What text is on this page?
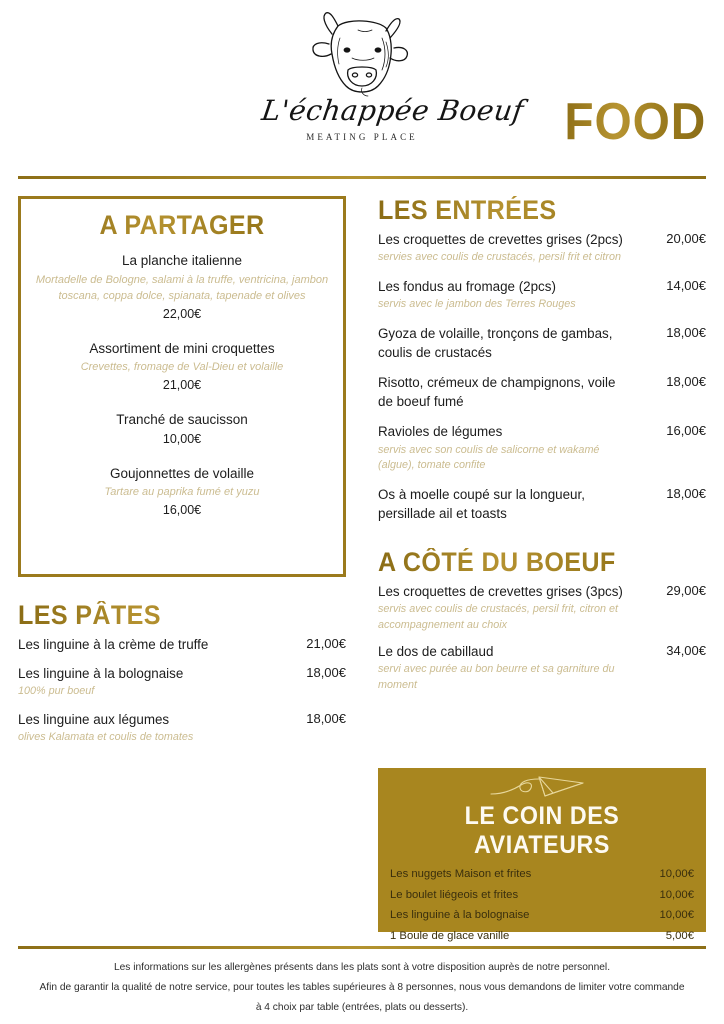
L'échappée Boeuf
MEATING PLACE	FOOD
A PARTAGER
La planche italienne
Mortadelle de Bologne, salami à la truffe, ventricina, jambon toscana, coppa dolce, spianata, tapenade et olives
22,00€
Assortiment de mini croquettes
Crevettes, fromage de Val-Dieu et volaille
21,00€
Tranché de saucisson
10,00€
Goujonnettes de volaille
Tartare au paprika fumé et yuzu
16,00€
LES PÂTES
Les linguine à la crème de truffe	21,00€
Les linguine à la bolognaise
100% pur boeuf
18,00€
Les linguine aux légumes
olives Kalamata et coulis de tomates
18,00€
LES ENTRÉES
Les croquettes de crevettes grises (2pcs)
servies avec coulis de crustacés, persil frit et citron
20,00€
Les fondus au fromage (2pcs)
servis avec le jambon des Terres Rouges
14,00€
Gyoza de volaille, tronçons de gambas, coulis de crustacés
18,00€
Risotto, crémeux de champignons, voile de boeuf fumé
18,00€
Ravioles de légumes
servis avec son coulis de salicorne et wakamé (algue), tomate confite
16,00€
Os à moelle coupé sur la longueur, persillade ail et toasts
18,00€
A CÔTÉ DU BOEUF
Les croquettes de crevettes grises (3pcs)
servis avec coulis de crustacés, persil frit, citron et accompagnement au choix
29,00€
Le dos de cabillaud
servi avec purée au bon beurre et sa garniture du moment
34,00€
LE COIN DES AVIATEURS
Les nuggets Maison et frites	10,00€
Le boulet liégeois et frites	10,00€
Les linguine à la bolognaise	10,00€
1 Boule de glace vanille	5,00€
Les informations sur les allergènes présents dans les plats sont à votre disposition auprès de notre personnel.
Afin de garantir la qualité de notre service, pour toutes les tables supérieures à 8 personnes, nous vous demandons de limiter votre commande
à 4 choix par table (entrées, plats ou desserts).
